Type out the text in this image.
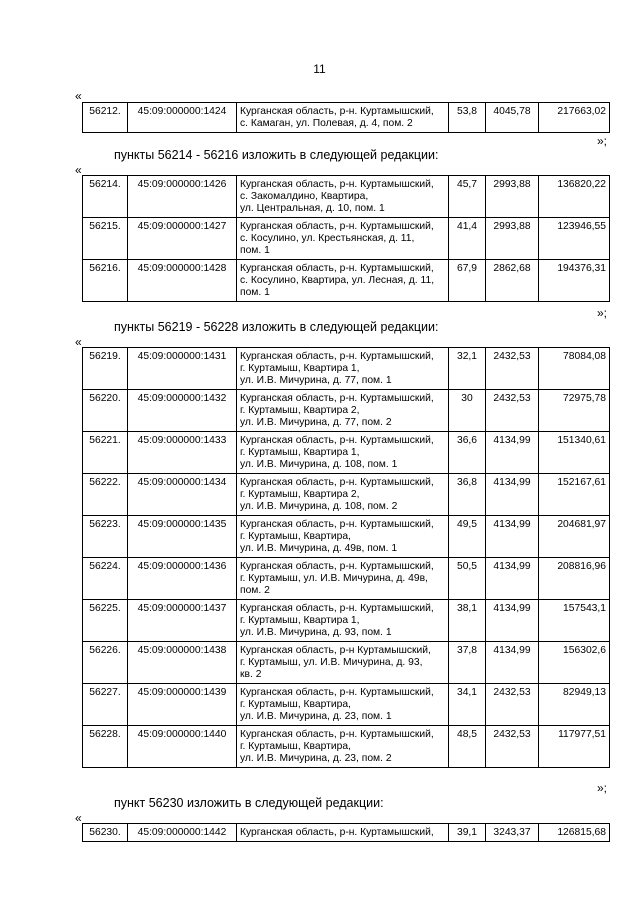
11
«
56212.	45:09:000000:1424	Курганская область, р-н. Куртамышский,
с. Камаган, ул. Полевая, д. 4, пом. 2
	53,8	4045,78	217663,02
»;
пункты 56214 - 56216 изложить в следующей редакции:
«
56214.	45:09:000000:1426	Курганская область, р-н. Куртамышский,
с. Закомалдино, Квартира,
ул. Центральная, д. 10, пом. 1	45,7	2993,88	136820,22
56215.	45:09:000000:1427	Курганская область, р-н. Куртамышский,
с. Косулино, ул. Крестьянская, д. 11,
пом. 1	41,4	2993,88	123946,55
56216.	45:09:000000:1428	Курганская область, р-н. Куртамышский,
с. Косулино, Квартира, ул. Лесная, д. 11,
пом. 1	67,9	2862,68	194376,31
»;
пункты 56219 - 56228 изложить в следующей редакции:
«
56219.	45:09:000000:1431	Курганская область, р-н. Куртамышский,
г. Куртамыш, Квартира 1,
ул. И.В. Мичурина, д. 77, пом. 1	32,1	2432,53	78084,08
56220.	45:09:000000:1432	Курганская область, р-н. Куртамышский,
г. Куртамыш, Квартира 2,
ул. И.В. Мичурина, д. 77, пом. 2	30	2432,53	72975,78
56221.	45:09:000000:1433	Курганская область, р-н. Куртамышский,
г. Куртамыш, Квартира 1,
ул. И.В. Мичурина, д. 108, пом. 1	36,6	4134,99	151340,61
56222.	45:09:000000:1434	Курганская область, р-н. Куртамышский,
г. Куртамыш, Квартира 2,
ул. И.В. Мичурина, д. 108, пом. 2	36,8	4134,99	152167,61
56223.	45:09:000000:1435	Курганская область, р-н. Куртамышский,
г. Куртамыш, Квартира,
ул. И.В. Мичурина, д. 49в, пом. 1	49,5	4134,99	204681,97
56224.	45:09:000000:1436	Курганская область, р-н. Куртамышский,
г. Куртамыш, ул. И.В. Мичурина, д. 49в,
пом. 2	50,5	4134,99	208816,96
56225.	45:09:000000:1437	Курганская область, р-н. Куртамышский,
г. Куртамыш, Квартира 1,
ул. И.В. Мичурина, д. 93, пом. 1	38,1	4134,99	157543,1
56226.	45:09:000000:1438	Курганская область, р-н Куртамышский,
г. Куртамыш, ул. И.В. Мичурина, д. 93,
кв. 2	37,8	4134,99	156302,6
56227.	45:09:000000:1439	Курганская область, р-н. Куртамышский,
г. Куртамыш, Квартира,
ул. И.В. Мичурина, д. 23, пом. 1	34,1	2432,53	82949,13
56228.	45:09:000000:1440	Курганская область, р-н. Куртамышский,
г. Куртамыш, Квартира,
ул. И.В. Мичурина, д. 23, пом. 2	48,5	2432,53	117977,51
»;
пункт 56230 изложить в следующей редакции:
«
56230.	45:09:000000:1442	Курганская область, р-н. Куртамышский,	39,1	3243,37	126815,68
